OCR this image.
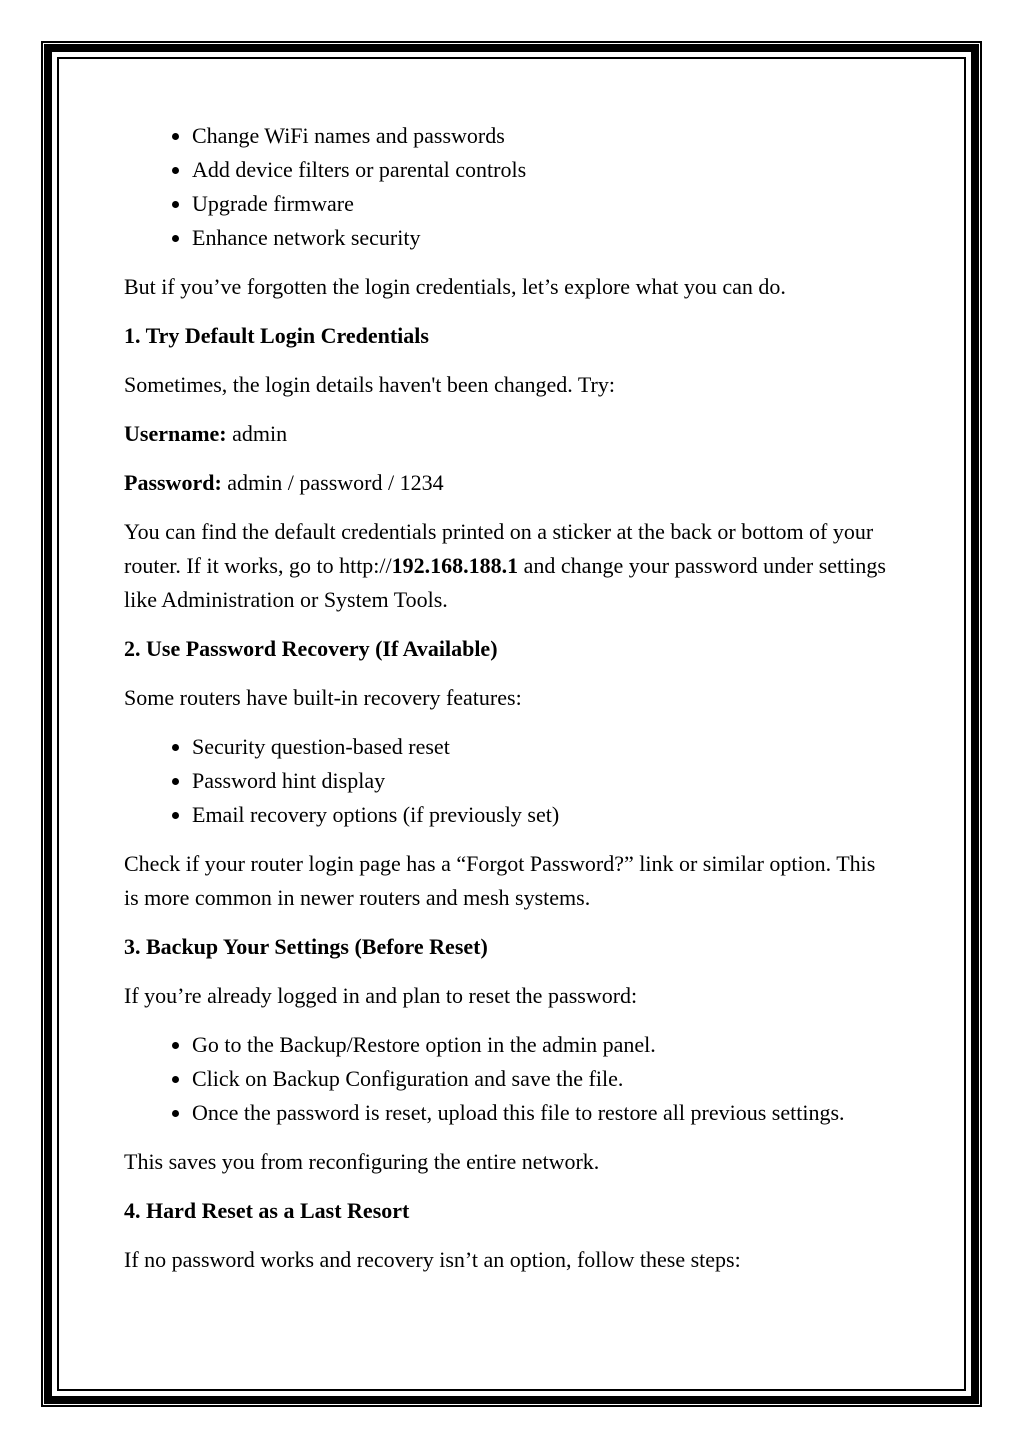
• Change WiFi names and passwords
• Add device filters or parental controls
• Upgrade firmware
• Enhance network security

But if you’ve forgotten the login credentials, let’s explore what you can do.

1. Try Default Login Credentials

Sometimes, the login details haven't been changed. Try:

Username: admin

Password: admin / password / 1234

You can find the default credentials printed on a sticker at the back or bottom of your router. If it works, go to http://192.168.188.1 and change your password under settings like Administration or System Tools.

2. Use Password Recovery (If Available)

Some routers have built-in recovery features:

• Security question-based reset
• Password hint display
• Email recovery options (if previously set)

Check if your router login page has a “Forgot Password?” link or similar option. This is more common in newer routers and mesh systems.

3. Backup Your Settings (Before Reset)

If you’re already logged in and plan to reset the password:

• Go to the Backup/Restore option in the admin panel.
• Click on Backup Configuration and save the file.
• Once the password is reset, upload this file to restore all previous settings.

This saves you from reconfiguring the entire network.

4. Hard Reset as a Last Resort

If no password works and recovery isn’t an option, follow these steps:
